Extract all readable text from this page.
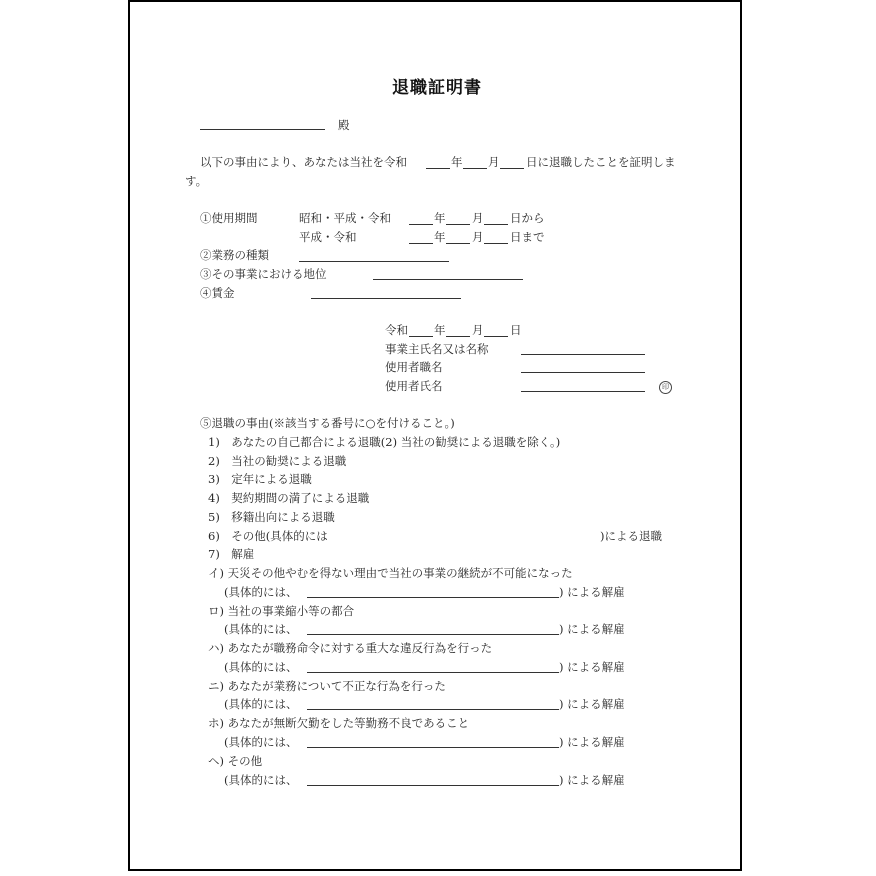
退職証明書
殿
以下の事由により、あなたは当社を令和	年 月 日に退職したことを証明しま
す。
①使用期間	昭和・平成・令和	年 月 日から
平成・令和	年 月 日まで
②業務の種類
③その事業における地位
④賃金
令和 年 月 日
事業主氏名又は名称
使用者職名
使用者氏名	印
⑤退職の事由(※該当する番号に○を付けること。)
1)　あなたの自己都合による退職(2) 当社の勧奨による退職を除く。)
2)　当社の勧奨による退職
3)　定年による退職
4)　契約期間の満了による退職
5)　移籍出向による退職
6)　その他(具体的には	)による退職
7)　解雇
イ) 天災その他やむを得ない理由で当社の事業の継続が不可能になった
(具体的には、	) による解雇
ロ) 当社の事業縮小等の都合
(具体的には、	) による解雇
ハ) あなたが職務命令に対する重大な違反行為を行った
(具体的には、	) による解雇
ニ) あなたが業務について不正な行為を行った
(具体的には、	) による解雇
ホ) あなたが無断欠勤をした等勤務不良であること
(具体的には、	) による解雇
ヘ) その他
(具体的には、	) による解雇
